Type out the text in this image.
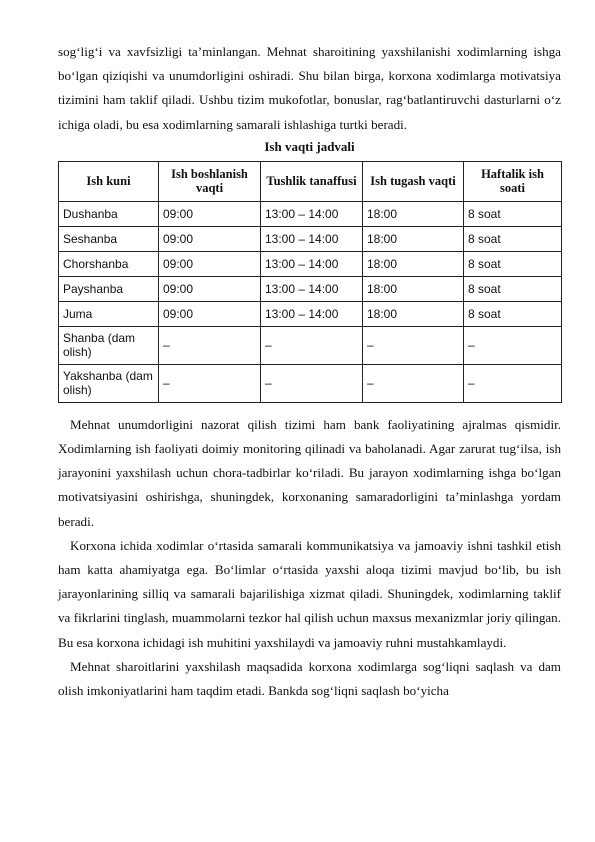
sog‘lig‘i va xavfsizligi ta’minlangan. Mehnat sharoitining yaxshilanishi xodimlarning ishga bo‘lgan qiziqishi va unumdorligini oshiradi. Shu bilan birga, korxona xodimlarga motivatsiya tizimini ham taklif qiladi. Ushbu tizim mukofotlar, bonuslar, rag‘batlantiruvchi dasturlarni o‘z ichiga oladi, bu esa xodimlarning samarali ishlashiga turtki beradi.

Ish vaqti jadvali

Ish kuni	Ish boshlanish vaqti	Tushlik tanaffusi	Ish tugash vaqti	Haftalik ish soati
Dushanba	09:00	13:00 – 14:00	18:00	8 soat
Seshanba	09:00	13:00 – 14:00	18:00	8 soat
Chorshanba	09:00	13:00 – 14:00	18:00	8 soat
Payshanba	09:00	13:00 – 14:00	18:00	8 soat
Juma	09:00	13:00 – 14:00	18:00	8 soat
Shanba (dam olish)	–	–	–	–
Yakshanba (dam olish)	–	–	–	–

Mehnat unumdorligini nazorat qilish tizimi ham bank faoliyatining ajralmas qismidir. Xodimlarning ish faoliyati doimiy monitoring qilinadi va baholanadi. Agar zarurat tug‘ilsa, ish jarayonini yaxshilash uchun chora-tadbirlar ko‘riladi. Bu jarayon xodimlarning ishga bo‘lgan motivatsiyasini oshirishga, shuningdek, korxonaning samaradorligini ta’minlashga yordam beradi.

Korxona ichida xodimlar o‘rtasida samarali kommunikatsiya va jamoaviy ishni tashkil etish ham katta ahamiyatga ega. Bo‘limlar o‘rtasida yaxshi aloqa tizimi mavjud bo‘lib, bu ish jarayonlarining silliq va samarali bajarilishiga xizmat qiladi. Shuningdek, xodimlarning taklif va fikrlarini tinglash, muammolarni tezkor hal qilish uchun maxsus mexanizmlar joriy qilingan. Bu esa korxona ichidagi ish muhitini yaxshilaydi va jamoaviy ruhni mustahkamlaydi.

Mehnat sharoitlarini yaxshilash maqsadida korxona xodimlarga sog‘liqni saqlash va dam olish imkoniyatlarini ham taqdim etadi. Bankda sog‘liqni saqlash bo‘yicha
